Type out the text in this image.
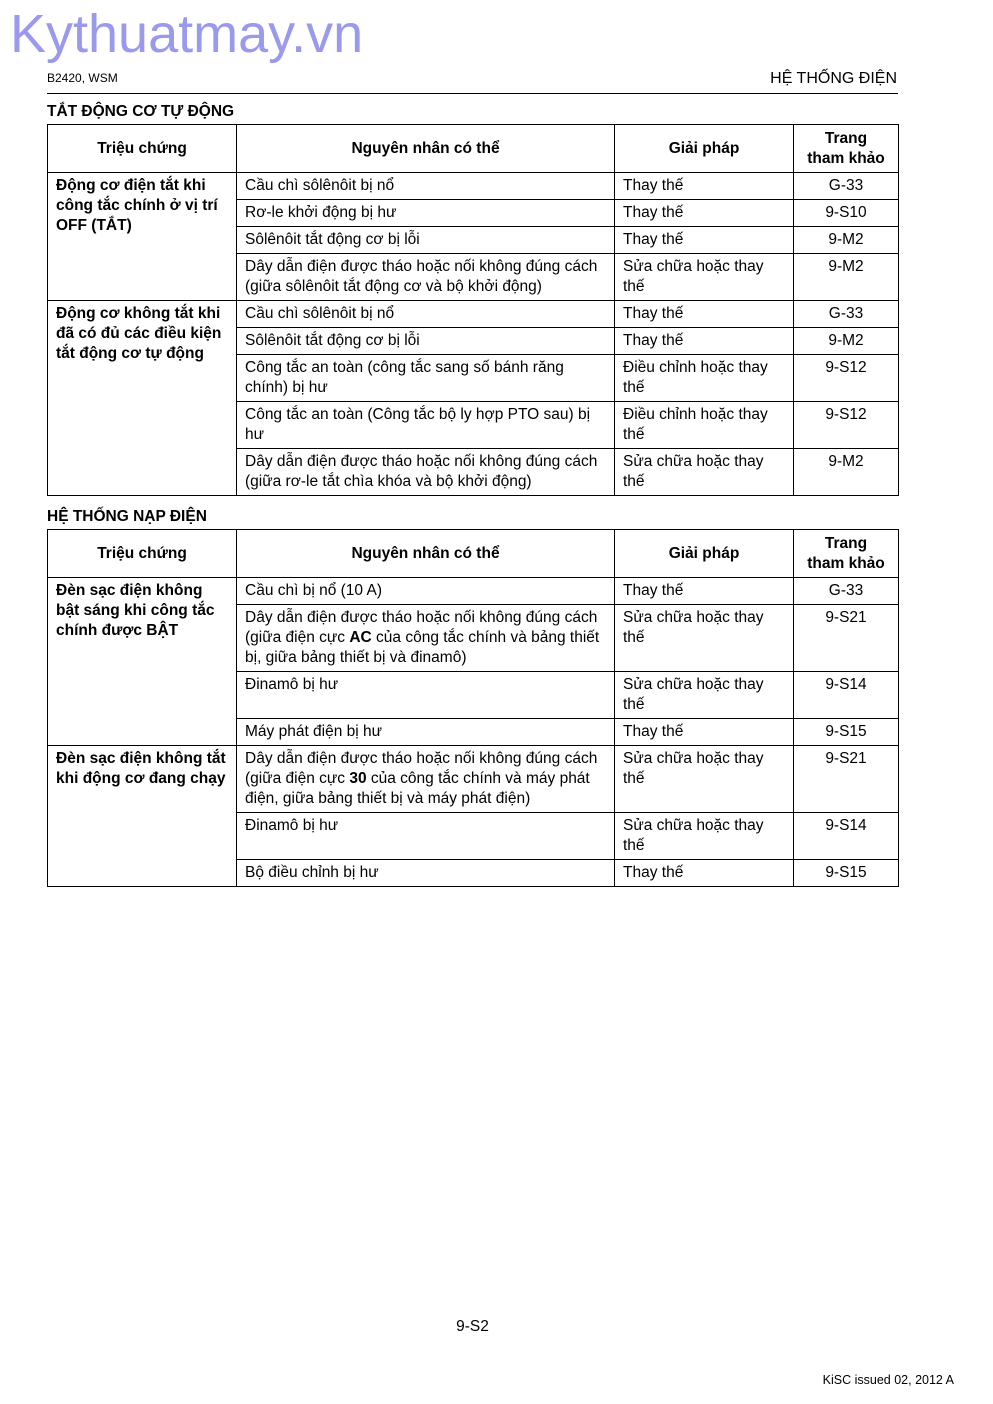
Kythuatmay.vn
B2420, WSM	HỆ THỐNG ĐIỆN
TẮT ĐỘNG CƠ TỰ ĐỘNG
Triệu chứng	Nguyên nhân có thể	Giải pháp	Trang
tham khảo
Động cơ điện tắt khi công tắc chính ở vị trí OFF (TẮT)	Cầu chì sôlênôit bị nổ	Thay thế	G-33
	Rơ-le khởi động bị hư	Thay thế	9-S10
	Sôlênôit tắt động cơ bị lỗi	Thay thế	9-M2
	Dây dẫn điện được tháo hoặc nối không đúng cách (giữa sôlênôit tắt động cơ và bộ khởi động)	Sửa chữa hoặc thay thế	9-M2
Động cơ không tắt khi đã có đủ các điều kiện tắt động cơ tự động	Cầu chì sôlênôit bị nổ	Thay thế	G-33
	Sôlênôit tắt động cơ bị lỗi	Thay thế	9-M2
	Công tắc an toàn (công tắc sang số bánh răng chính) bị hư	Điều chỉnh hoặc thay thế	9-S12
	Công tắc an toàn (Công tắc bộ ly hợp PTO sau) bị hư	Điều chỉnh hoặc thay thế	9-S12
	Dây dẫn điện được tháo hoặc nối không đúng cách (giữa rơ-le tắt chìa khóa và bộ khởi động)	Sửa chữa hoặc thay thế	9-M2
HỆ THỐNG NẠP ĐIỆN
Triệu chứng	Nguyên nhân có thể	Giải pháp	Trang
tham khảo
Đèn sạc điện không bật sáng khi công tắc chính được BẬT	Cầu chì bị nổ (10 A)	Thay thế	G-33
	Dây dẫn điện được tháo hoặc nối không đúng cách (giữa điện cực AC của công tắc chính và bảng thiết bị, giữa bảng thiết bị và đinamô)	Sửa chữa hoặc thay thế	9-S21
	Đinamô bị hư	Sửa chữa hoặc thay thế	9-S14
	Máy phát điện bị hư	Thay thế	9-S15
Đèn sạc điện không tắt khi động cơ đang chạy	Dây dẫn điện được tháo hoặc nối không đúng cách (giữa điện cực 30 của công tắc chính và máy phát điện, giữa bảng thiết bị và máy phát điện)	Sửa chữa hoặc thay thế	9-S21
	Đinamô bị hư	Sửa chữa hoặc thay thế	9-S14
	Bộ điều chỉnh bị hư	Thay thế	9-S15
9-S2
KiSC issued 02, 2012 A
